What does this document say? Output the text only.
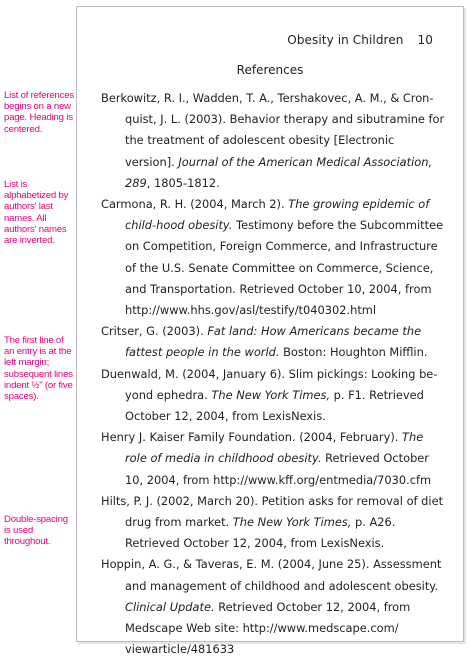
List of references begins on a new page. Heading is centered.
List is alphabetized by authors' last names. All authors' names are inverted.
The first line of an entry is at the left margin; subsequent lines indent ½" (or five spaces).
Double-spacing is used throughout.
Obesity in Children 10
References

Berkowitz, R. I., Wadden, T. A., Tershakovec, A. M., & Cron-quist, J. L. (2003). Behavior therapy and sibutramine for the treatment of adolescent obesity [Electronic version]. Journal of the American Medical Association, 289, 1805-1812.

Carmona, R. H. (2004, March 2). The growing epidemic of child-hood obesity. Testimony before the Subcommittee on Competition, Foreign Commerce, and Infrastructure of the U.S. Senate Committee on Commerce, Science, and Transportation. Retrieved October 10, 2004, from http://www.hhs.gov/asl/testify/t040302.html

Critser, G. (2003). Fat land: How Americans became the fattest people in the world. Boston: Houghton Mifflin.

Duenwald, M. (2004, January 6). Slim pickings: Looking be-yond ephedra. The New York Times, p. F1. Retrieved October 12, 2004, from LexisNexis.

Henry J. Kaiser Family Foundation. (2004, February). The role of media in childhood obesity. Retrieved October 10, 2004, from http://www.kff.org/entmedia/7030.cfm

Hilts, P. J. (2002, March 20). Petition asks for removal of diet drug from market. The New York Times, p. A26. Retrieved October 12, 2004, from LexisNexis.

Hoppin, A. G., & Taveras, E. M. (2004, June 25). Assessment and management of childhood and adolescent obesity. Clinical Update. Retrieved October 12, 2004, from Medscape Web site: http://www.medscape.com/ viewarticle/481633
